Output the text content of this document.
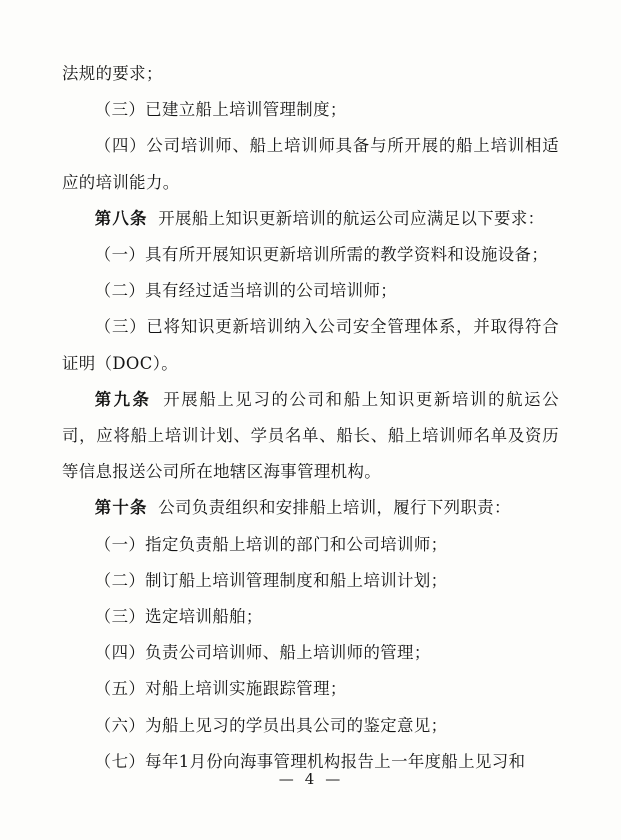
法规的要求；

（三）已建立船上培训管理制度；

（四）公司培训师、船上培训师具备与所开展的船上培训相适应的培训能力。

第八条 开展船上知识更新培训的航运公司应满足以下要求：

（一）具有所开展知识更新培训所需的教学资料和设施设备；

（二）具有经过适当培训的公司培训师；

（三）已将知识更新培训纳入公司安全管理体系，并取得符合证明（DOC）。

第九条 开展船上见习的公司和船上知识更新培训的航运公司，应将船上培训计划、学员名单、船长、船上培训师名单及资历等信息报送公司所在地辖区海事管理机构。

第十条 公司负责组织和安排船上培训，履行下列职责：

（一）指定负责船上培训的部门和公司培训师；

（二）制订船上培训管理制度和船上培训计划；

（三）选定培训船舶；

（四）负责公司培训师、船上培训师的管理；

（五）对船上培训实施跟踪管理；

（六）为船上见习的学员出具公司的鉴定意见；

（七）每年1月份向海事管理机构报告上一年度船上见习和

— 4 —
